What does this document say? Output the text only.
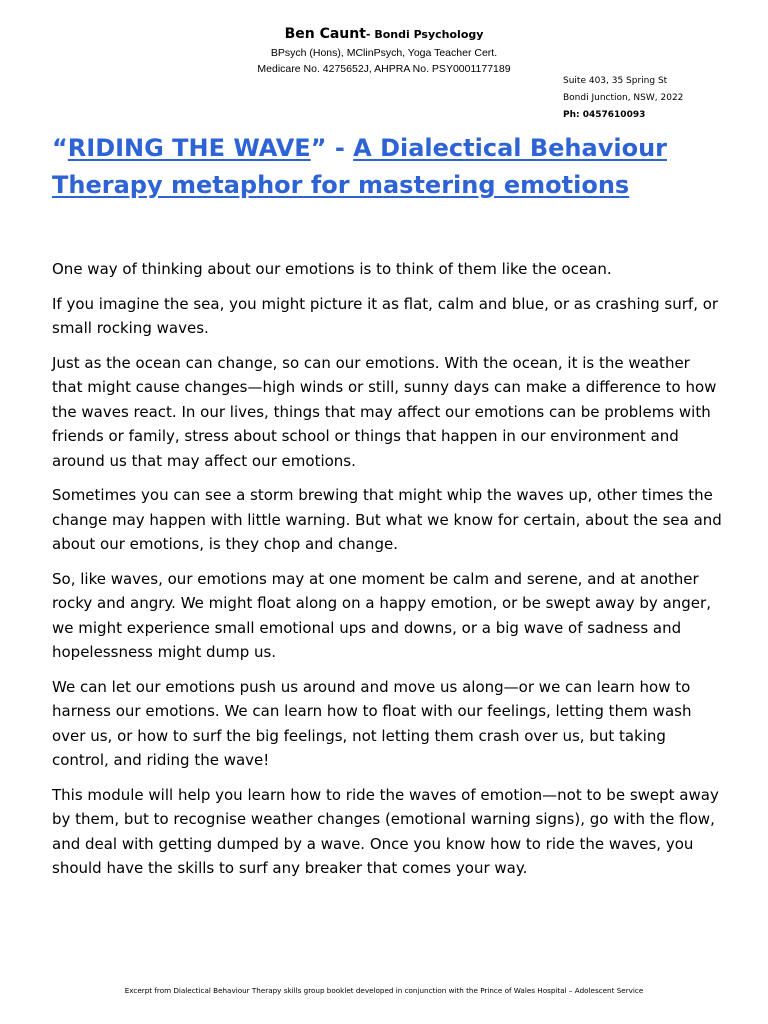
Ben Caunt- Bondi Psychology
BPsych (Hons), MClinPsych, Yoga Teacher Cert.
Medicare No. 4275652J, AHPRA No. PSY0001177189
Suite 403, 35 Spring St
Bondi Junction, NSW, 2022
Ph: 0457610093
“RIDING THE WAVE” - A Dialectical Behaviour
Therapy metaphor for mastering emotions

One way of thinking about our emotions is to think of them like the ocean.

If you imagine the sea, you might picture it as flat, calm and blue, or as crashing surf, or small rocking waves.

Just as the ocean can change, so can our emotions. With the ocean, it is the weather that might cause changes—high winds or still, sunny days can make a difference to how the waves react. In our lives, things that may affect our emotions can be problems with friends or family, stress about school or things that happen in our environment and around us that may affect our emotions.

Sometimes you can see a storm brewing that might whip the waves up, other times the change may happen with little warning. But what we know for certain, about the sea and about our emotions, is they chop and change.

So, like waves, our emotions may at one moment be calm and serene, and at another rocky and angry. We might float along on a happy emotion, or be swept away by anger, we might experience small emotional ups and downs, or a big wave of sadness and hopelessness might dump us.

We can let our emotions push us around and move us along—or we can learn how to harness our emotions. We can learn how to float with our feelings, letting them wash over us, or how to surf the big feelings, not letting them crash over us, but taking control, and riding the wave!

This module will help you learn how to ride the waves of emotion—not to be swept away by them, but to recognise weather changes (emotional warning signs), go with the flow, and deal with getting dumped by a wave. Once you know how to ride the waves, you should have the skills to surf any breaker that comes your way.

Excerpt from Dialectical Behaviour Therapy skills group booklet developed in conjunction with the Prince of Wales Hospital – Adolescent Service
